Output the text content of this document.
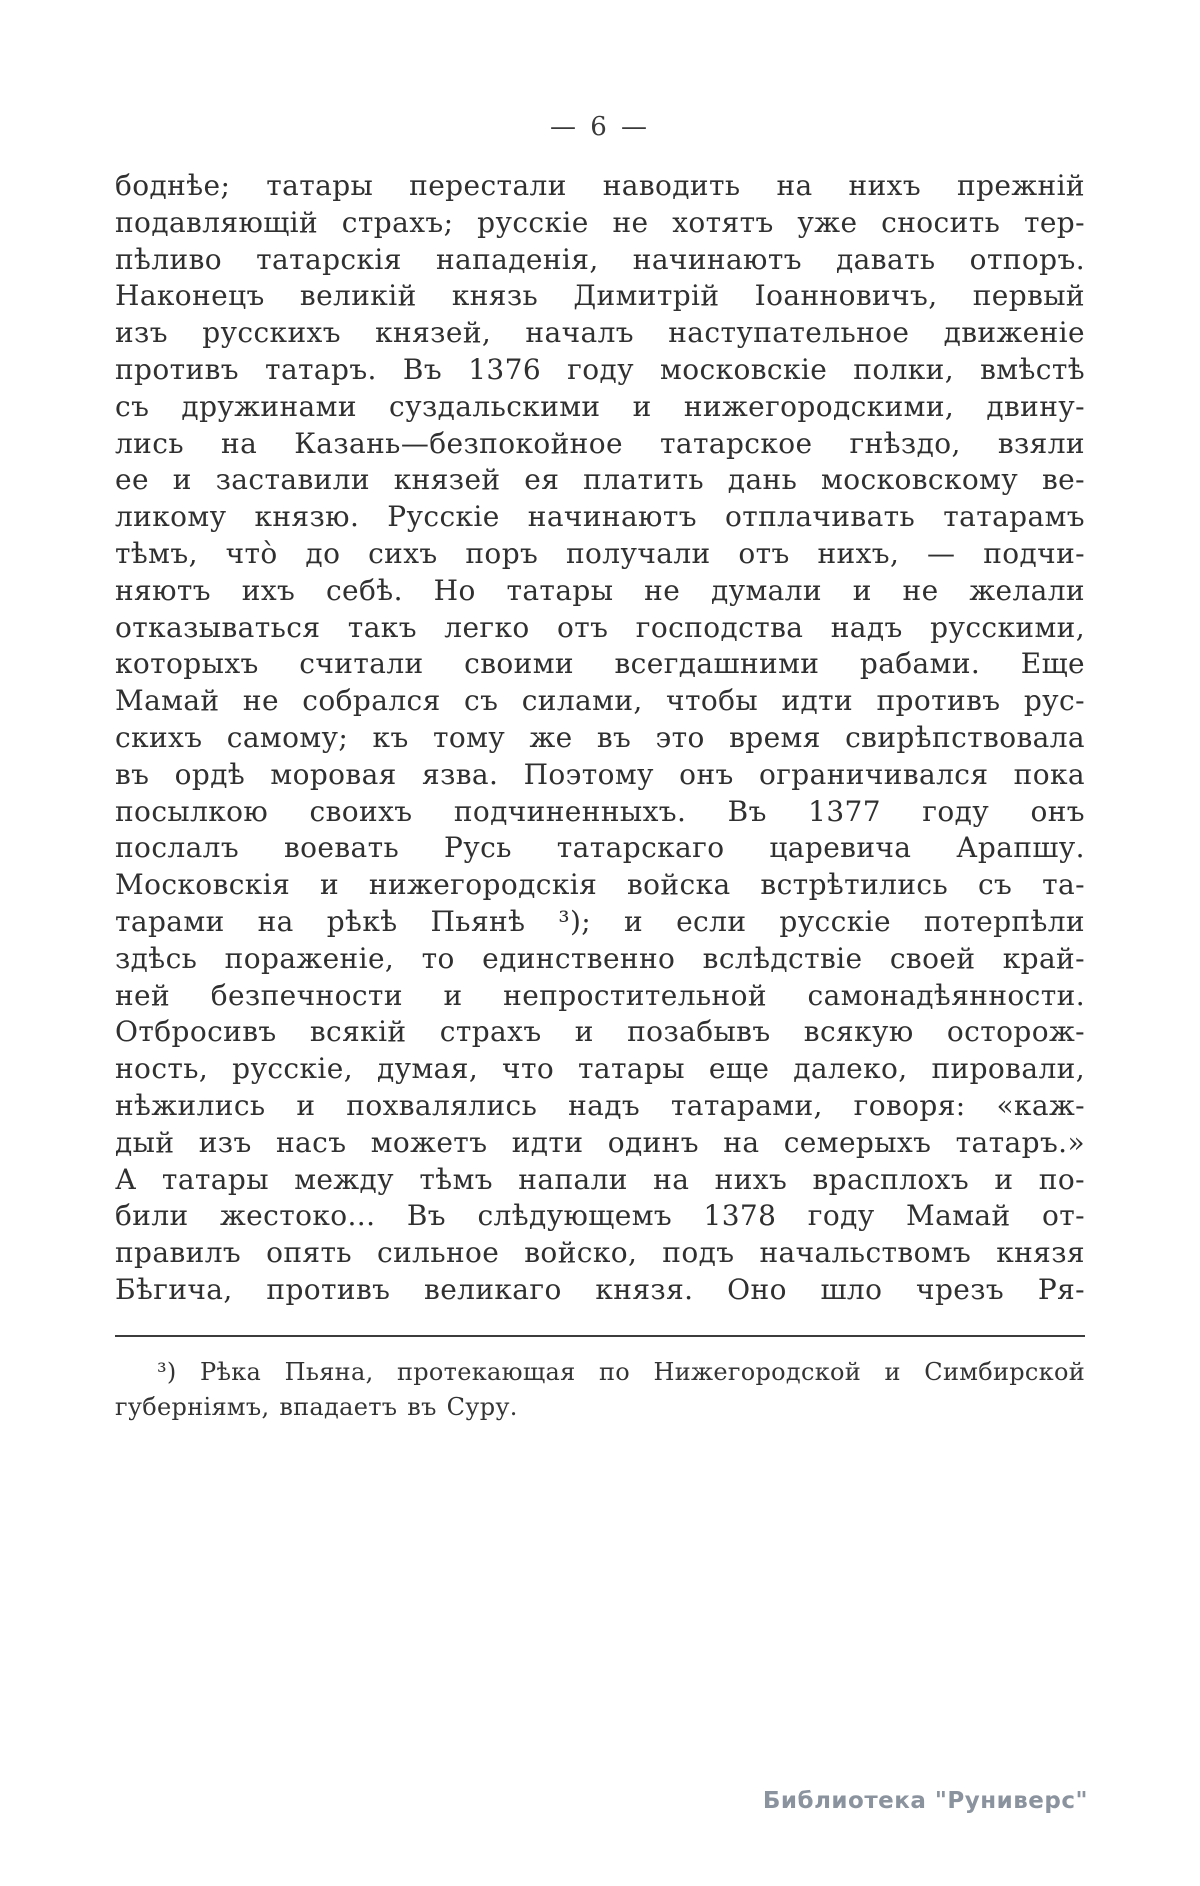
— 6 —
боднѣе; татары перестали наводить на нихъ прежній
подавляющій страхъ; русскіе не хотятъ уже сносить тер-
пѣливо татарскія нападенія, начинаютъ давать отпоръ.
Наконецъ великій князь Димитрій Іоанновичъ, первый
изъ русскихъ князей, началъ наступательное движеніе
противъ татаръ. Въ 1376 году московскіе полки, вмѣстѣ
съ дружинами суздальскими и нижегородскими, двину-
лись на Казань—безпокойное татарское гнѣздо, взяли
ее и заставили князей ея платить дань московскому ве-
ликому князю. Русскіе начинаютъ отплачивать татарамъ
тѣмъ, что̀ до сихъ поръ получали отъ нихъ, — подчи-
няютъ ихъ себѣ. Но татары не думали и не желали
отказываться такъ легко отъ господства надъ русскими,
которыхъ считали своими всегдашними рабами. Еще
Мамай не собрался съ силами, чтобы идти противъ рус-
скихъ самому; къ тому же въ это время свирѣпствовала
въ ордѣ моровая язва. Поэтому онъ ограничивался пока
посылкою своихъ подчиненныхъ. Въ 1377 году онъ
послалъ воевать Русь татарскаго царевича Арапшу.
Московскія и нижегородскія войска встрѣтились съ та-
тарами на рѣкѣ Пьянѣ ³); и если русскіе потерпѣли
здѣсь пораженіе, то единственно вслѣдствіе своей край-
ней безпечности и непростительной самонадѣянности.
Отбросивъ всякій страхъ и позабывъ всякую осторож-
ность, русскіе, думая, что татары еще далеко, пировали,
нѣжились и похвалялись надъ татарами, говоря: «каж-
дый изъ насъ можетъ идти одинъ на семерыхъ татаръ.»
А татары между тѣмъ напали на нихъ врасплохъ и по-
били жестоко... Въ слѣдующемъ 1378 году Мамай от-
правилъ опять сильное войско, подъ начальствомъ князя
Бѣгича, противъ великаго князя. Оно шло чрезъ Ря-
³) Рѣка Пьяна, протекающая по Нижегородской и Симбирской
губерніямъ, впадаетъ въ Суру.
Библиотека "Руниверс"
